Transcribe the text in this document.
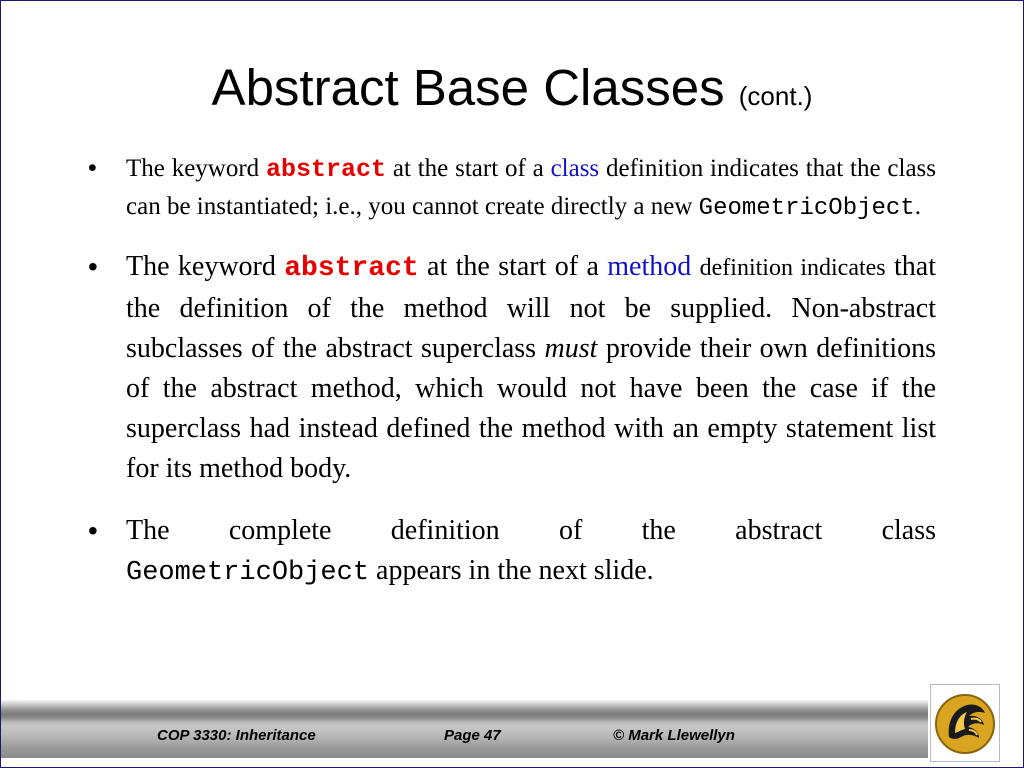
Abstract Base Classes (cont.)
• The keyword abstract at the start of a class definition indicates that the class can be instantiated; i.e., you cannot create directly a new GeometricObject.
• The keyword abstract at the start of a method definition indicates that the definition of the method will not be supplied. Non-abstract subclasses of the abstract superclass must provide their own definitions of the abstract method, which would not have been the case if the superclass had instead defined the method with an empty statement list for its method body.
• The complete definition of the abstract class

GeometricObject appears in the next slide.

COP 3330: Inheritance	Page 47	© Mark Llewellyn
